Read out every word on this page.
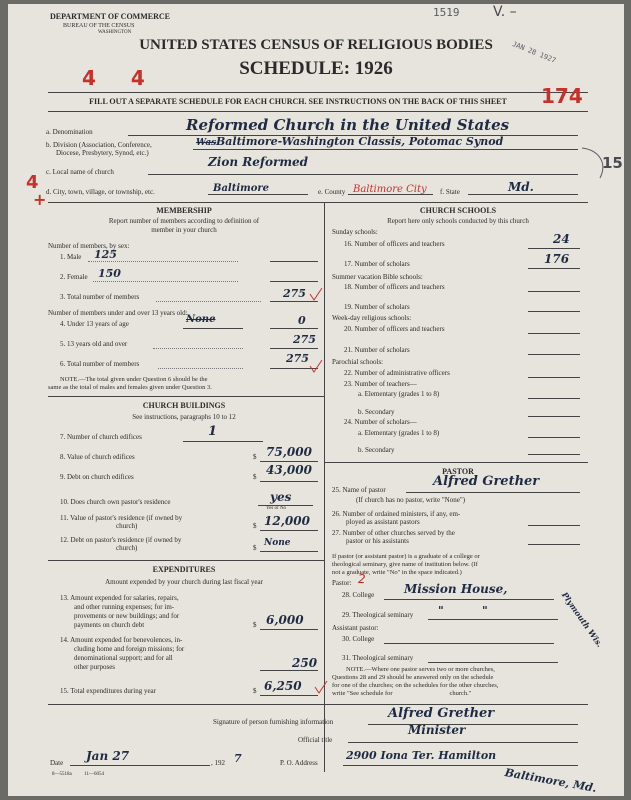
DEPARTMENT OF COMMERCE
BUREAU OF THE CENSUS
WASHINGTON
1519 V. –
JAN 28 1927
UNITED STATES CENSUS OF RELIGIOUS BODIES
SCHEDULE: 1926
4 4
FILL OUT A SEPARATE SCHEDULE FOR EACH CHURCH. SEE INSTRUCTIONS ON THE BACK OF THIS SHEET	174
a. Denomination	Reformed Church in the United States
b. Division (Association, Conference,
Diocese, Presbytery, Synod, etc.)
Was Baltimore-Washington Classis, Potomac Synod
c. Local name of church
Zion Reformed
4
+
15
d. City, town, village, or township, etc.	Baltimore	e. County Baltimore City f. State	Md.
MEMBERSHIP
Report number of members according to definition of
member in your church
Number of members, by sex:
1. Male 125
2. Female 150
3. Total number of members	275
Number of members under and over 13 years old:
4. Under 13 years of age	None	0
5. 13 years old and over	275
6. Total number of members	275
NOTE.—The total given under Question 6 should be the
same as the total of males and females given under Question 3.
CHURCH BUILDINGS
See instructions, paragraphs 10 to 12
7. Number of church edifices	1
8. Value of church edifices	$ 75,000
9. Debt on church edifices	$ 43,000
10. Does church own pastor's residence	yes
Yes or No
11. Value of pastor's residence (if owned by
church)	$ 12,000
12. Debt on pastor's residence (if owned by
church)	$ None
EXPENDITURES
Amount expended by your church during last fiscal year
13. Amount expended for salaries, repairs,
and other running expenses; for im-
provements or new buildings; and for
payments on church debt	$ 6,000
14. Amount expended for benevolences, in-
cluding home and foreign missions; for
denominational support; and for all
other purposes	250
15. Total expenditures during year	$ 6,250
CHURCH SCHOOLS
Report here only schools conducted by this church
Sunday schools:
16. Number of officers and teachers	24
17. Number of scholars	176
Summer vacation Bible schools:
18. Number of officers and teachers
19. Number of scholars
Week-day religious schools:
20. Number of officers and teachers
21. Number of scholars
Parochial schools:
22. Number of administrative officers
23. Number of teachers—
a. Elementary (grades 1 to 8)
b. Secondary
24. Number of scholars—
a. Elementary (grades 1 to 8)
b. Secondary
PASTOR
25. Name of pastor
Alfred Grether
(If church has no pastor, write "None")
26. Number of ordained ministers, if any, em-
ployed as assistant pastors
27. Number of other churches served by the
pastor or his assistants
If pastor (or assistant pastor) is a graduate of a college or
theological seminary, give name of institution below. (If
not a graduate, write "No" in the space indicated.)
Pastor: 2
28. College Mission House,
Plymouth Wis.
29. Theological seminary "          "
Assistant pastor:
30. College
31. Theological seminary
NOTE.—Where one pastor serves two or more churches,
Questions 28 and 29 should be answered only on the schedule
for one of the churches; on the schedules for the other churches,
write "See schedule for                                   church."
Signature of person furnishing information
Alfred Grether
Official title
Minister
Date Jan 27	, 192 7	P. O. Address
2900 Iona Ter. Hamilton
Baltimore, Md.
8—5518a          11—6054
